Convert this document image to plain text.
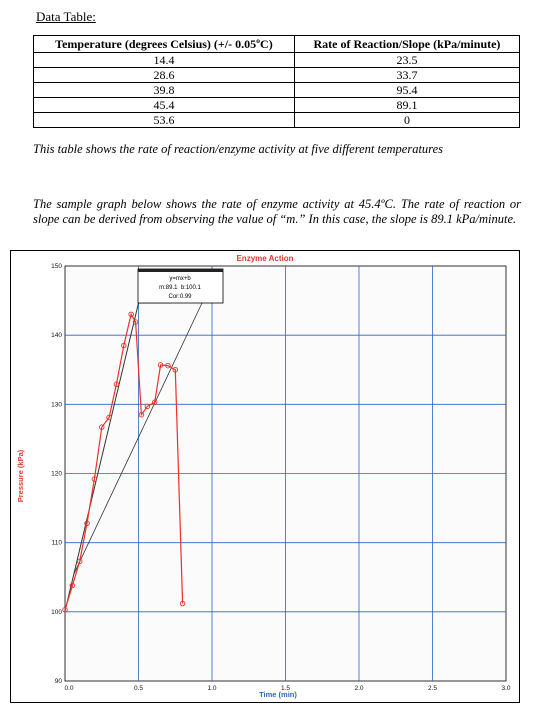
Data Table:
Temperature (degrees Celsius) (+/- 0.05ºC)	Rate of Reaction/Slope (kPa/minute)
14.4	23.5
28.6	33.7
39.8	95.4
45.4	89.1
53.6	0
This table shows the rate of reaction/enzyme activity at five different temperatures
The sample graph below shows the rate of enzyme activity at 45.4ºC. The rate of reaction or slope can be derived from observing the value of “m.” In this case, the slope is 89.1 kPa/minute.
0.0	0.5	1.0	1.5	2.0	2.5	3.0
90
100
110
120
130
140
150
Enzyme Action
Time (min)
Pressure (kPa)
y=mx+b
m:89.1  b:100.1
Cor:0.99
